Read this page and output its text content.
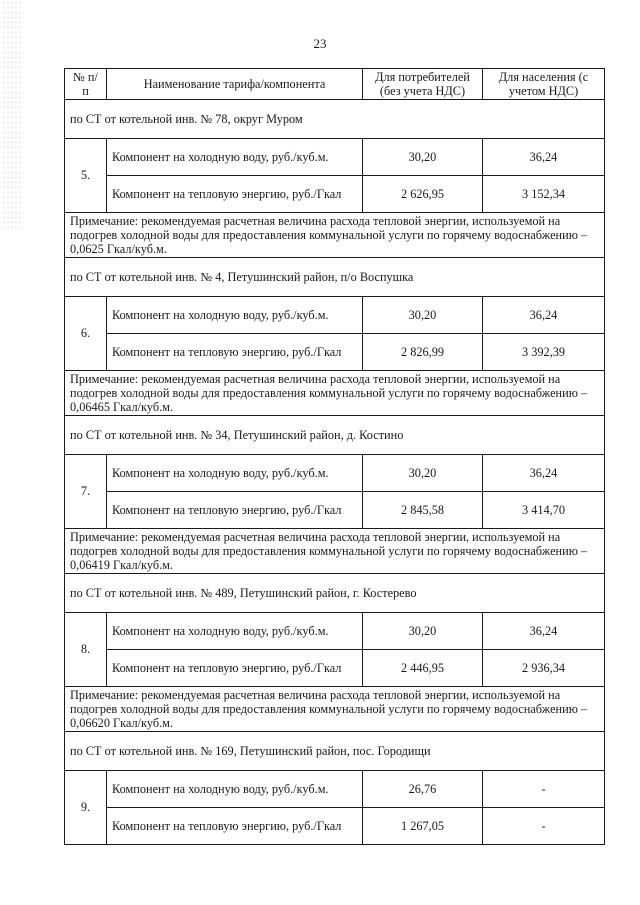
23
№ п/п	Наименование тарифа/компонента	Для потребителей (без учета НДС)	Для населения (с учетом НДС)
по СТ от котельной инв. № 78, округ Муром			
5.	Компонент на холодную воду, руб./куб.м.	30,20	36,24
	Компонент на тепловую энергию, руб./Гкал	2 626,95	3 152,34
Примечание: рекомендуемая расчетная величина расхода тепловой энергии, используемой на подогрев холодной воды для предоставления коммунальной услуги по горячему водоснабжению – 0,0625 Гкал/куб.м.			
по СТ от котельной инв. № 4, Петушинский район, п/о Воспушка			
6.	Компонент на холодную воду, руб./куб.м.	30,20	36,24
	Компонент на тепловую энергию, руб./Гкал	2 826,99	3 392,39
Примечание: рекомендуемая расчетная величина расхода тепловой энергии, используемой на подогрев холодной воды для предоставления коммунальной услуги по горячему водоснабжению – 0,06465 Гкал/куб.м.			
по СТ от котельной инв. № 34, Петушинский район, д. Костино			
7.	Компонент на холодную воду, руб./куб.м.	30,20	36,24
	Компонент на тепловую энергию, руб./Гкал	2 845,58	3 414,70
Примечание: рекомендуемая расчетная величина расхода тепловой энергии, используемой на подогрев холодной воды для предоставления коммунальной услуги по горячему водоснабжению – 0,06419 Гкал/куб.м.			
по СТ от котельной инв. № 489, Петушинский район, г. Костерево			
8.	Компонент на холодную воду, руб./куб.м.	30,20	36,24
	Компонент на тепловую энергию, руб./Гкал	2 446,95	2 936,34
Примечание: рекомендуемая расчетная величина расхода тепловой энергии, используемой на подогрев холодной воды для предоставления коммунальной услуги по горячему водоснабжению – 0,06620 Гкал/куб.м.			
по СТ от котельной инв. № 169, Петушинский район, пос. Городищи			
9.	Компонент на холодную воду, руб./куб.м.	26,76	-
	Компонент на тепловую энергию, руб./Гкал	1 267,05	-
